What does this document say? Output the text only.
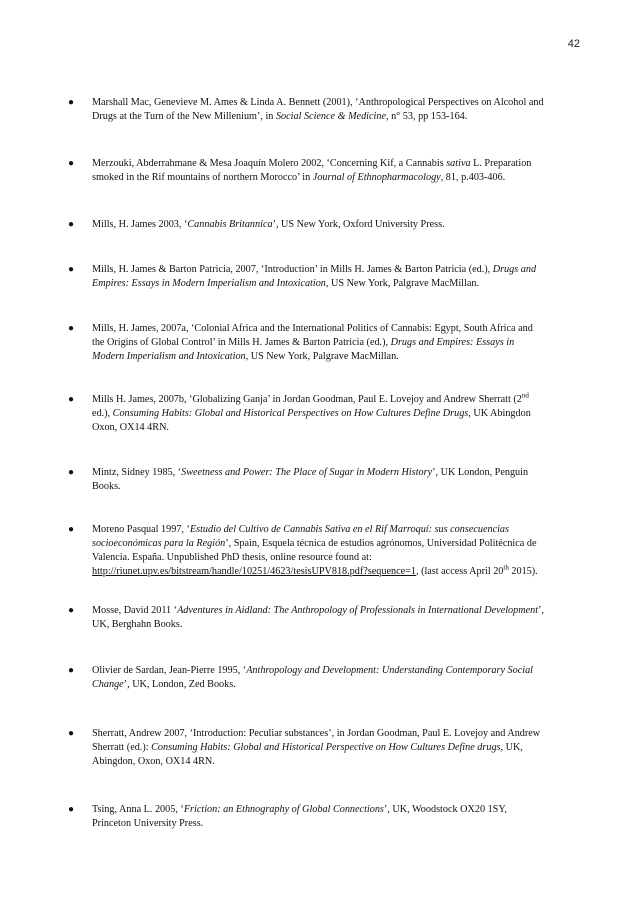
42
● Marshall Mac, Genevieve M. Ames & Linda A. Bennett (2001), ‘Anthropological Perspectives on Alcohol and
Drugs at the Turn of the New Millenium’, in Social Science & Medicine, n° 53, pp 153-164.
● Merzouki, Abderrahmane & Mesa Joaquín Molero 2002, ‘Concerning Kif, a Cannabis sativa L. Preparation
smoked in the Rif mountains of northern Morocco’ in Journal of Ethnopharmacology, 81, p.403-406.
● Mills, H. James 2003, ‘Cannabis Britannica’, US New York, Oxford University Press.
● Mills, H. James & Barton Patricia, 2007, ‘Introduction’ in Mills H. James & Barton Patricia (ed.), Drugs and
Empires: Essays in Modern Imperialism and Intoxication, US New York, Palgrave MacMillan.
● Mills, H. James, 2007a, ‘Colonial Africa and the International Politics of Cannabis: Egypt, South Africa and
the Origins of Global Control’ in Mills H. James & Barton Patricia (ed.), Drugs and Empires: Essays in
Modern Imperialism and Intoxication, US New York, Palgrave MacMillan.
● Mills H. James, 2007b, ‘Globalizing Ganja’ in Jordan Goodman, Paul E. Lovejoy and Andrew Sherratt (2nd
ed.), Consuming Habits: Global and Historical Perspectives on How Cultures Define Drugs, UK Abingdon
Oxon, OX14 4RN.
● Mintz, Sidney 1985, ‘Sweetness and Power: The Place of Sugar in Modern History’, UK London, Penguin
Books.
● Moreno Pasqual 1997, ‘Estudio del Cultivo de Cannabis Sativa en el Rif Marroquí: sus consecuencias
socioeconómicas para la Región’, Spain, Esquela técnica de estudios agrónomos, Universidad Politécnica de
Valencia. España. Unpublished PhD thesis, online resource found at:
http://riunet.upv.es/bitstream/handle/10251/4623/tesisUPV818.pdf?sequence=1, (last access April 20th 2015).
● Mosse, David 2011 ‘Adventures in Aidland: The Anthropology of Professionals in International Development’,
UK, Berghahn Books.
● Olivier de Sardan, Jean-Pierre 1995, ‘Anthropology and Development: Understanding Contemporary Social
Change’, UK, London, Zed Books.
● Sherratt, Andrew 2007, ‘Introduction: Peculiar substances’, in Jordan Goodman, Paul E. Lovejoy and Andrew
Sherratt (ed.): Consuming Habits: Global and Historical Perspective on How Cultures Define drugs, UK,
Abingdon, Oxon, OX14 4RN.
● Tsing, Anna L. 2005, ‘Friction: an Ethnography of Global Connections’, UK, Woodstock OX20 1SY,
Princeton University Press.
